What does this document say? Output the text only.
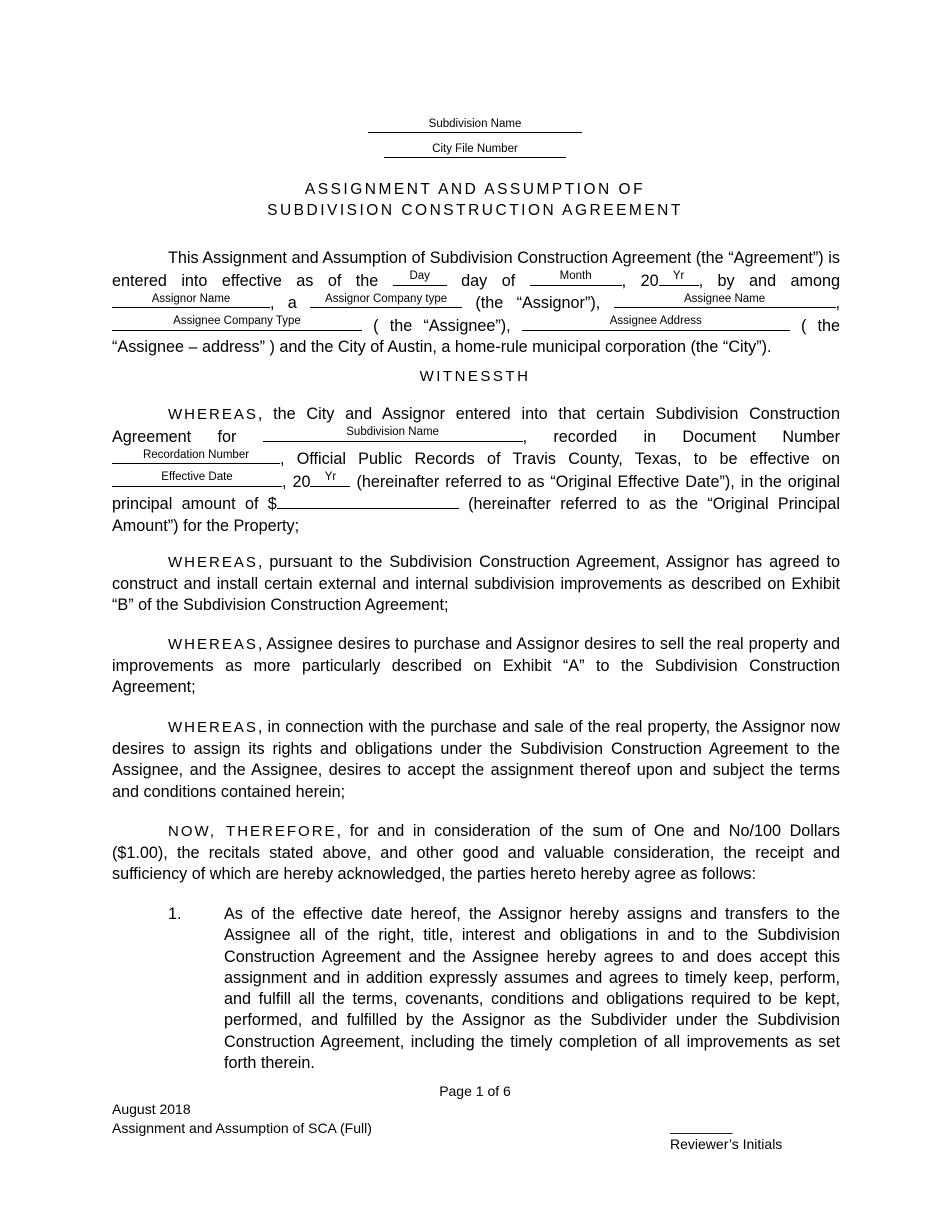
Subdivision Name
City File Number
ASSIGNMENT AND ASSUMPTION OF
SUBDIVISION CONSTRUCTION AGREEMENT
This Assignment and Assumption of Subdivision Construction Agreement (the “Agreement”) is entered into effective as of the	Day	day of	Month	, 20	Yr , by and among
Assignor Name	, a	Assignor Company type	(the “Assignor”),	Assignee Name	,
Assignee Company Type	( the “Assignee”),	Assignee Address	( the “Assignee – address” ) and the City of Austin, a home-rule municipal corporation (the “City”).
WITNESSTH
WHEREAS, the City and Assignor entered into that certain Subdivision Construction Agreement for	Subdivision Name	, recorded in Document Number
Recordation Number	, Official Public Records of Travis County, Texas, to be effective on
Effective Date	, 20	Yr	(hereinafter referred to as “Original Effective Date”), in the original principal amount of $	(hereinafter referred to as the “Original Principal Amount”) for the Property;
WHEREAS, pursuant to the Subdivision Construction Agreement, Assignor has agreed to construct and install certain external and internal subdivision improvements as described on Exhibit “B” of the Subdivision Construction Agreement;
WHEREAS, Assignee desires to purchase and Assignor desires to sell the real property and improvements as more particularly described on Exhibit “A” to the Subdivision Construction Agreement;
WHEREAS, in connection with the purchase and sale of the real property, the Assignor now desires to assign its rights and obligations under the Subdivision Construction Agreement to the Assignee, and the Assignee, desires to accept the assignment thereof upon and subject the terms and conditions contained herein;
NOW, THEREFORE, for and in consideration of the sum of One and No/100 Dollars ($1.00), the recitals stated above, and other good and valuable consideration, the receipt and sufficiency of which are hereby acknowledged, the parties hereto hereby agree as follows:
1.	As of the effective date hereof, the Assignor hereby assigns and transfers to the Assignee all of the right, title, interest and obligations in and to the Subdivision Construction Agreement and the Assignee hereby agrees to and does accept this assignment and in addition expressly assumes and agrees to timely keep, perform, and fulfill all the terms, covenants, conditions and obligations required to be kept, performed, and fulfilled by the Assignor as the Subdivider under the Subdivision Construction Agreement, including the timely completion of all improvements as set forth therein.
Page 1 of 6
August 2018
Assignment and Assumption of SCA (Full)	________
Reviewer’s Initials
